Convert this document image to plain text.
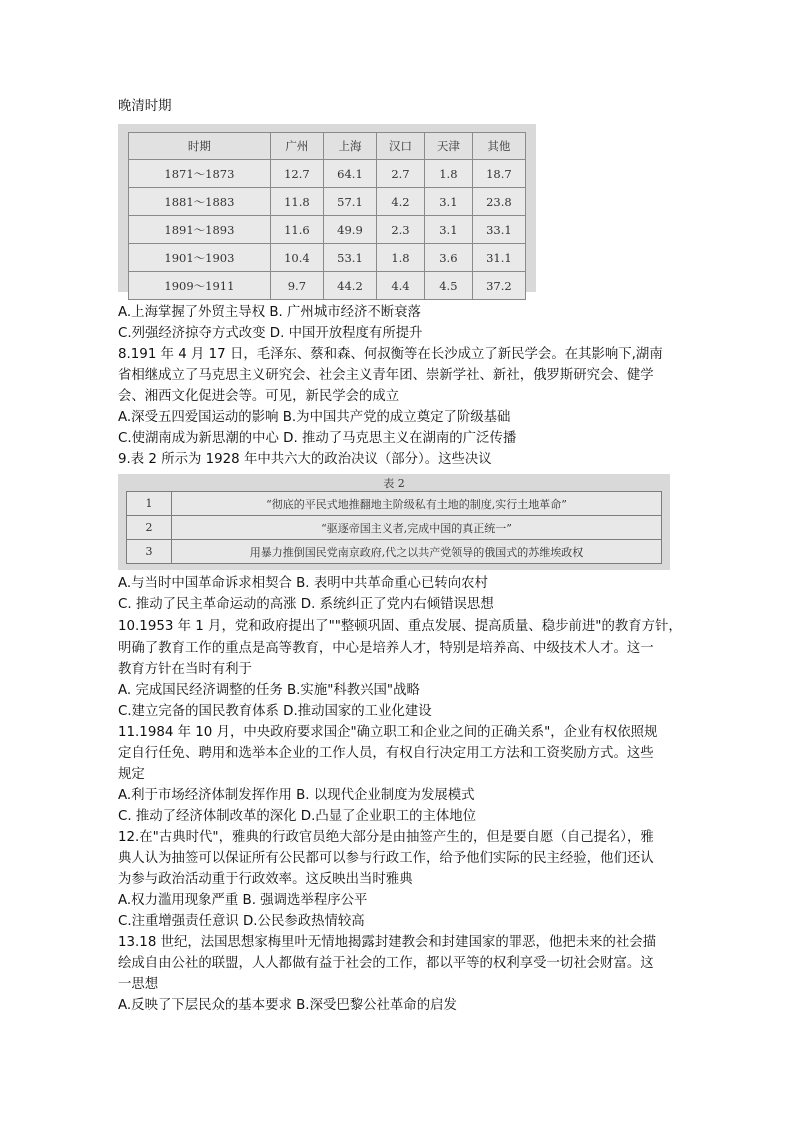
晚清时期
时期	广州	上海	汉口	天津	其他
1871～1873	12.7	64.1	2.7	1.8	18.7
1881～1883	11.8	57.1	4.2	3.1	23.8
1891～1893	11.6	49.9	2.3	3.1	33.1
1901～1903	10.4	53.1	1.8	3.6	31.1
1909～1911	9.7	44.2	4.4	4.5	37.2
A.上海掌握了外贸主导权 B. 广州城市经济不断衰落
C.列强经济掠夺方式改变 D. 中国开放程度有所提升
8.191 年 4 月 17 日，毛泽东、蔡和森、何叔衡等在长沙成立了新民学会。在其影响下,湖南
省相继成立了马克思主义研究会、社会主义青年团、崇新学社、新社，俄罗斯研究会、健学
会、湘西文化促进会等。可见，新民学会的成立
A.深受五四爱国运动的影响 B.为中国共产党的成立奠定了阶级基础
C.使湖南成为新思潮的中心 D. 推动了马克思主义在湖南的广泛传播
9.表 2 所示为 1928 年中共六大的政治决议（部分）。这些决议
表 2
1	“彻底的平民式地推翻地主阶级私有土地的制度,实行土地革命”
2	“驱逐帝国主义者,完成中国的真正统一”
3	用暴力推倒国民党南京政府,代之以共产党领导的俄国式的苏维埃政权
A.与当时中国革命诉求相契合 B. 表明中共革命重心已转向农村
C. 推动了民主革命运动的高涨 D. 系统纠正了党内右倾错误思想
10.1953 年 1 月，党和政府提出了""整顿巩固、重点发展、提高质量、稳步前进"的教育方针，
明确了教育工作的重点是高等教育，中心是培养人才，特别是培养高、中级技术人才。这一
教育方针在当时有利于
A. 完成国民经济调整的任务 B.实施"科教兴国"战略
C.建立完备的国民教育体系 D.推动国家的工业化建设
11.1984 年 10 月，中央政府要求国企"确立职工和企业之间的正确关系"，企业有权依照规
定自行任免、聘用和选举本企业的工作人员，有权自行决定用工方法和工资奖励方式。这些
规定
A.利于市场经济体制发挥作用 B. 以现代企业制度为发展模式
C. 推动了经济体制改革的深化 D.凸显了企业职工的主体地位
12.在"古典时代"，雅典的行政官员绝大部分是由抽签产生的，但是要自愿（自己提名），雅
典人认为抽签可以保证所有公民都可以参与行政工作，给予他们实际的民主经验，他们还认
为参与政治活动重于行政效率。这反映出当时雅典
A.权力滥用现象严重 B. 强调选举程序公平
C.注重增强责任意识 D.公民参政热情较高
13.18 世纪，法国思想家梅里叶无情地揭露封建教会和封建国家的罪恶，他把未来的社会描
绘成自由公社的联盟，人人都做有益于社会的工作，都以平等的权利享受一切社会财富。这
一思想
A.反映了下层民众的基本要求 B.深受巴黎公社革命的启发
